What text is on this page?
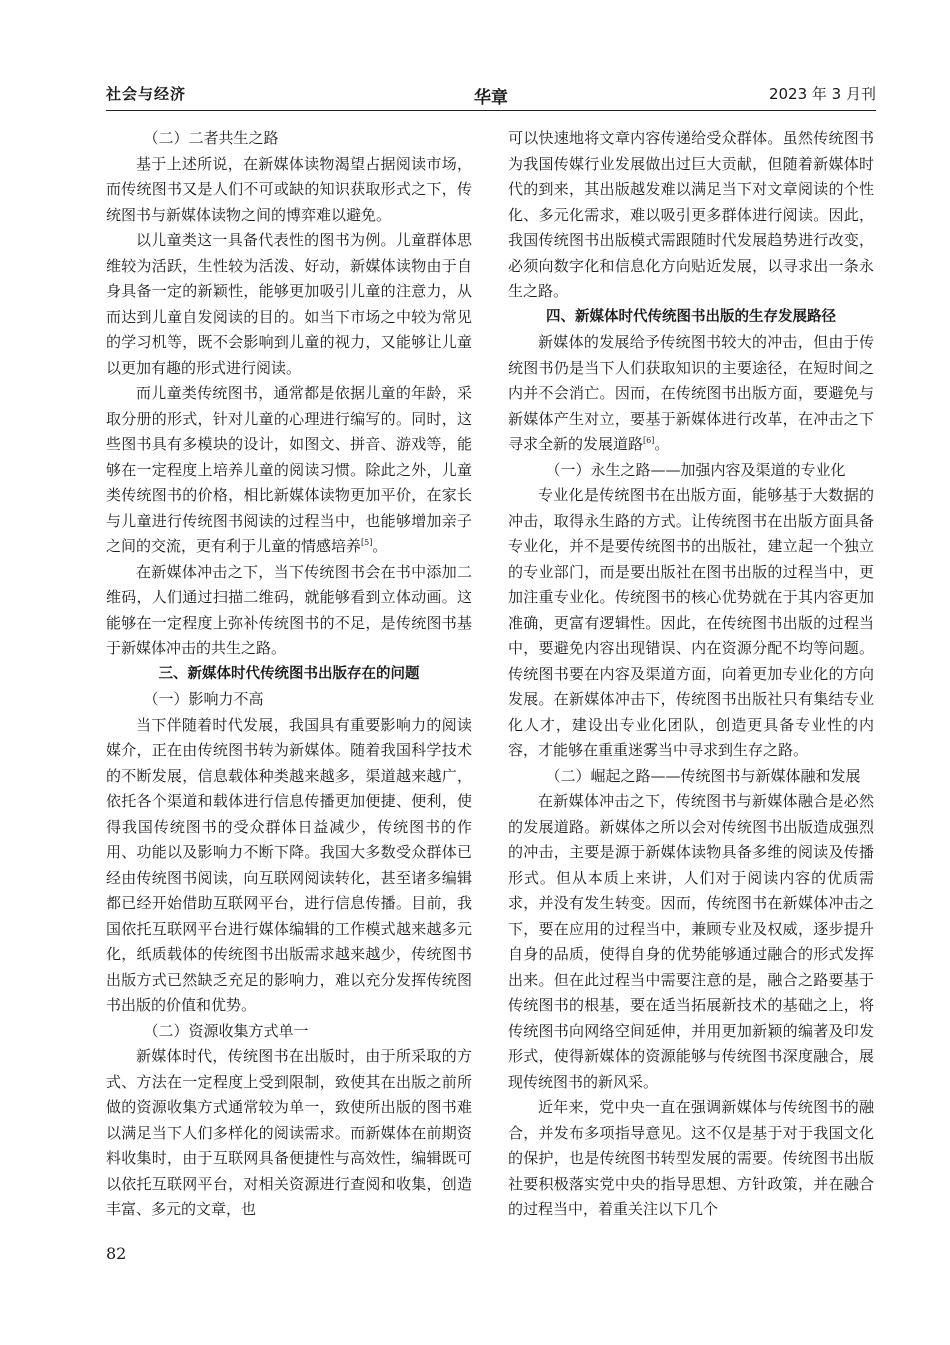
社会与经济	华章	2023 年 3 月刊
（二）二者共生之路
基于上述所说，在新媒体读物渴望占据阅读市场，而传统图书又是人们不可或缺的知识获取形式之下，传统图书与新媒体读物之间的博弈难以避免。
以儿童类这一具备代表性的图书为例。儿童群体思维较为活跃，生性较为活泼、好动，新媒体读物由于自身具备一定的新颖性，能够更加吸引儿童的注意力，从而达到儿童自发阅读的目的。如当下市场之中较为常见的学习机等，既不会影响到儿童的视力，又能够让儿童以更加有趣的形式进行阅读。
而儿童类传统图书，通常都是依据儿童的年龄，采取分册的形式，针对儿童的心理进行编写的。同时，这些图书具有多模块的设计，如图文、拼音、游戏等，能够在一定程度上培养儿童的阅读习惯。除此之外，儿童类传统图书的价格，相比新媒体读物更加平价，在家长与儿童进行传统图书阅读的过程当中，也能够增加亲子之间的交流，更有利于儿童的情感培养[5]。
在新媒体冲击之下，当下传统图书会在书中添加二维码，人们通过扫描二维码，就能够看到立体动画。这能够在一定程度上弥补传统图书的不足，是传统图书基于新媒体冲击的共生之路。
三、新媒体时代传统图书出版存在的问题
（一）影响力不高
当下伴随着时代发展，我国具有重要影响力的阅读媒介，正在由传统图书转为新媒体。随着我国科学技术的不断发展，信息载体种类越来越多，渠道越来越广，依托各个渠道和载体进行信息传播更加便捷、便利，使得我国传统图书的受众群体日益减少，传统图书的作用、功能以及影响力不断下降。我国大多数受众群体已经由传统图书阅读，向互联网阅读转化，甚至诸多编辑都已经开始借助互联网平台，进行信息传播。目前，我国依托互联网平台进行媒体编辑的工作模式越来越多元化，纸质载体的传统图书出版需求越来越少，传统图书出版方式已然缺乏充足的影响力，难以充分发挥传统图书出版的价值和优势。
（二）资源收集方式单一
新媒体时代，传统图书在出版时，由于所采取的方式、方法在一定程度上受到限制，致使其在出版之前所做的资源收集方式通常较为单一，致使所出版的图书难以满足当下人们多样化的阅读需求。而新媒体在前期资料收集时，由于互联网具备便捷性与高效性，编辑既可以依托互联网平台，对相关资源进行查阅和收集，创造丰富、多元的文章，也
可以快速地将文章内容传递给受众群体。虽然传统图书为我国传媒行业发展做出过巨大贡献，但随着新媒体时代的到来，其出版越发难以满足当下对文章阅读的个性化、多元化需求，难以吸引更多群体进行阅读。因此，我国传统图书出版模式需跟随时代发展趋势进行改变，必须向数字化和信息化方向贴近发展，以寻求出一条永生之路。
四、新媒体时代传统图书出版的生存发展路径
新媒体的发展给予传统图书较大的冲击，但由于传统图书仍是当下人们获取知识的主要途径，在短时间之内并不会消亡。因而，在传统图书出版方面，要避免与新媒体产生对立，要基于新媒体进行改革，在冲击之下寻求全新的发展道路[6]。
（一）永生之路——加强内容及渠道的专业化
专业化是传统图书在出版方面，能够基于大数据的冲击，取得永生路的方式。让传统图书在出版方面具备专业化，并不是要传统图书的出版社，建立起一个独立的专业部门，而是要出版社在图书出版的过程当中，更加注重专业化。传统图书的核心优势就在于其内容更加准确，更富有逻辑性。因此，在传统图书出版的过程当中，要避免内容出现错误、内在资源分配不均等问题。传统图书要在内容及渠道方面，向着更加专业化的方向发展。在新媒体冲击下，传统图书出版社只有集结专业化人才，建设出专业化团队，创造更具备专业性的内容，才能够在重重迷雾当中寻求到生存之路。
（二）崛起之路——传统图书与新媒体融和发展
在新媒体冲击之下，传统图书与新媒体融合是必然的发展道路。新媒体之所以会对传统图书出版造成强烈的冲击，主要是源于新媒体读物具备多维的阅读及传播形式。但从本质上来讲，人们对于阅读内容的优质需求，并没有发生转变。因而，传统图书在新媒体冲击之下，要在应用的过程当中，兼顾专业及权威，逐步提升自身的品质，使得自身的优势能够通过融合的形式发挥出来。但在此过程当中需要注意的是，融合之路要基于传统图书的根基，要在适当拓展新技术的基础之上，将传统图书向网络空间延伸，并用更加新颖的编著及印发形式，使得新媒体的资源能够与传统图书深度融合，展现传统图书的新风采。
近年来，党中央一直在强调新媒体与传统图书的融合，并发布多项指导意见。这不仅是基于对于我国文化的保护，也是传统图书转型发展的需要。传统图书出版社要积极落实党中央的指导思想、方针政策，并在融合的过程当中，着重关注以下几个
82
